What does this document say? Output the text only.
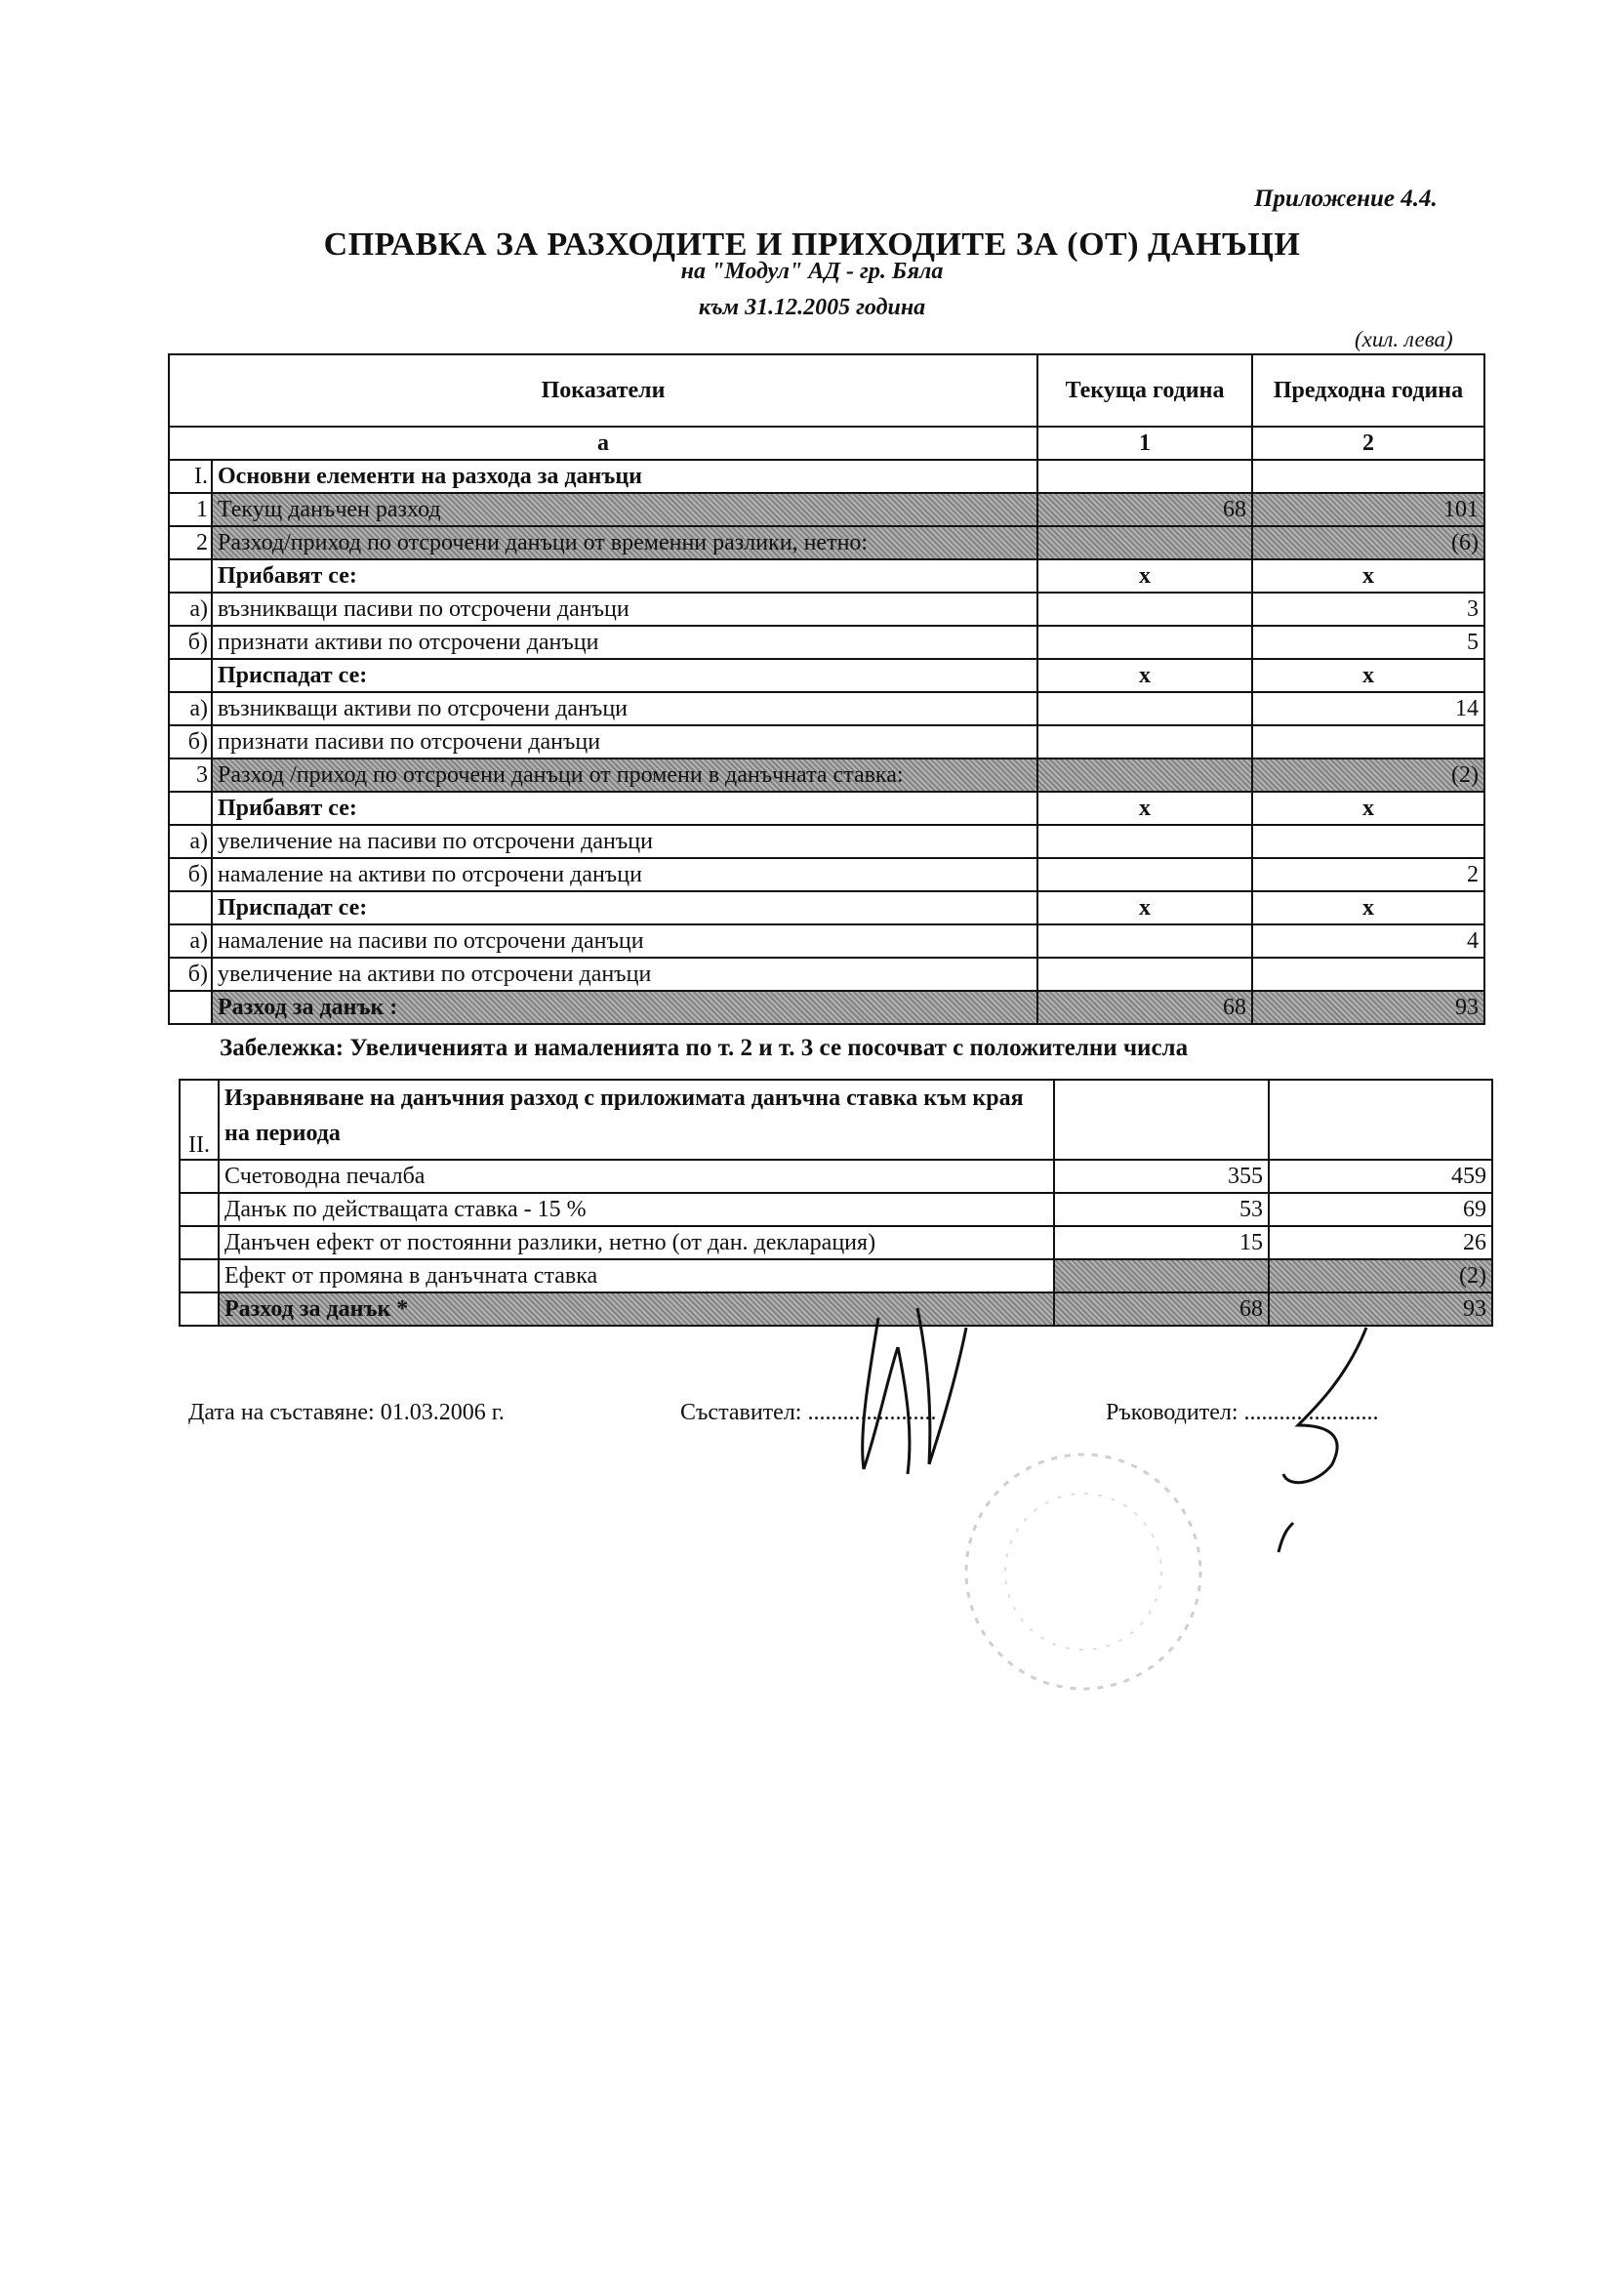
Приложение 4.4.
СПРАВКА ЗА РАЗХОДИТЕ И ПРИХОДИТЕ ЗА (ОТ) ДАНЪЦИ
на "Модул" АД - гр. Бяла
към 31.12.2005 година
(хил. лева)
Показатели		Текуща година	Предходна година
а		1	2
I.	Основни елементи на разхода за данъци		
1	Текущ данъчен разход	68	101
2	Разход/приход по отсрочени данъци от временни разлики, нетно:		(6)
	Прибавят се:	x	x
а)	възникващи пасиви по отсрочени данъци		3
б)	признати активи по отсрочени данъци		5
	Приспадат се:	x	x
а)	възникващи активи по отсрочени данъци		14
б)	признати пасиви по отсрочени данъци		
3	Разход /приход по отсрочени данъци от промени в данъчната ставка:		(2)
	Прибавят се:	x	x
а)	увеличение на пасиви по отсрочени данъци		
б)	намаление на активи по отсрочени данъци		2
	Приспадат се:	x	x
а)	намаление на пасиви по отсрочени данъци		4
б)	увеличение на активи по отсрочени данъци		
	Разход за данък :	68	93
Забележка: Увеличенията и намаленията по т. 2 и т. 3 се посочват с положителни числа
II.	Изравняване на данъчния разход с приложимата данъчна ставка към края на периода		
	Счетоводна печалба	355	459
	Данък по действащата ставка - 15 %	53	69
	Данъчен ефект от постоянни разлики, нетно (от дан. декларация)	15	26
	Ефект от промяна в данъчната ставка		(2)
	Разход за данък *	68	93
Дата на съставяне: 01.03.2006 г.	Съставител: ......................	Ръководител: .......................
